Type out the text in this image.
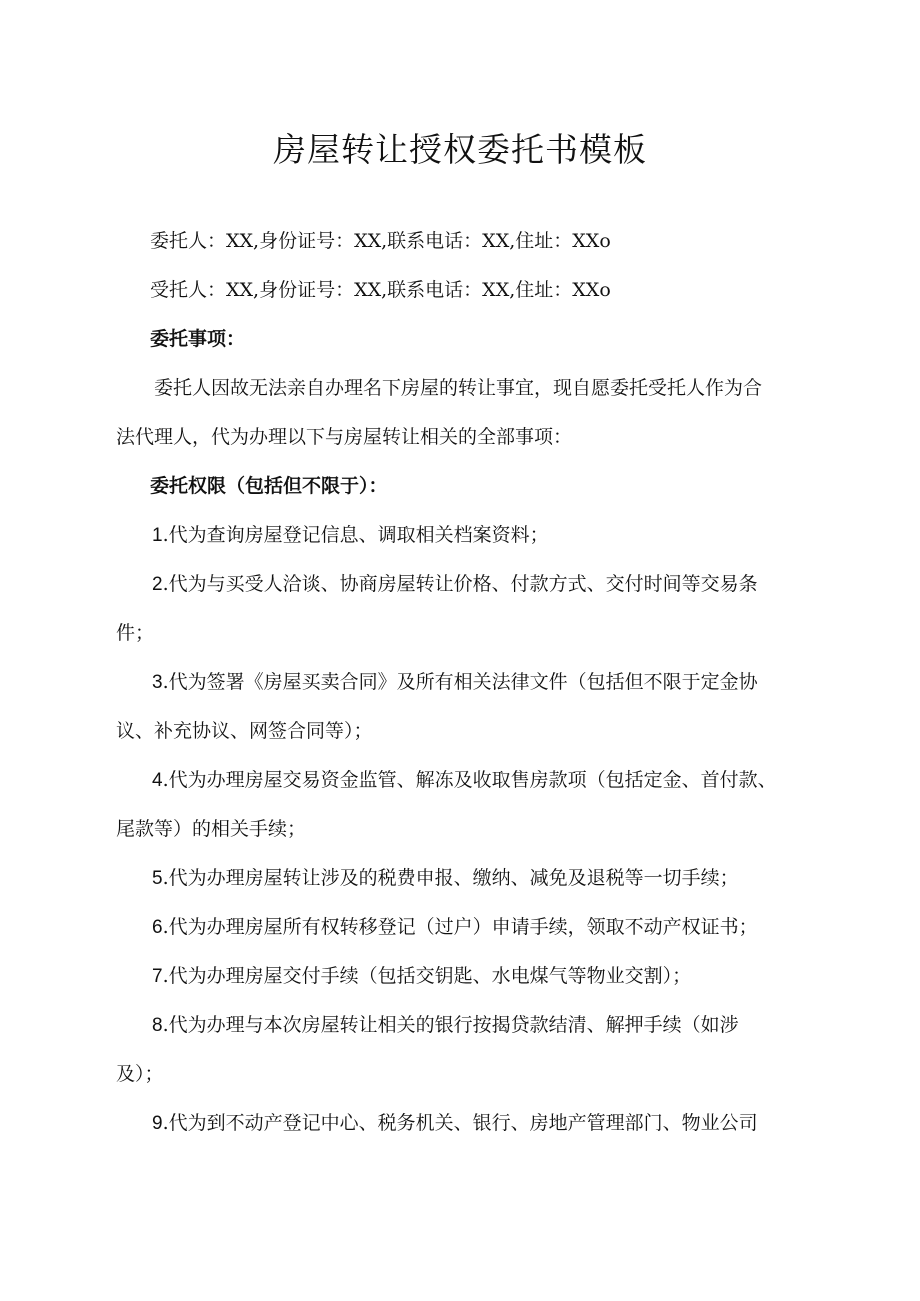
房屋转让授权委托书模板
委托人：XX,身份证号：XX,联系电话：XX,住址：XXo
受托人：XX,身份证号：XX,联系电话：XX,住址：XXo
委托事项：
委托人因故无法亲自办理名下房屋的转让事宜，现自愿委托受托人作为合
法代理人，代为办理以下与房屋转让相关的全部事项：
委托权限（包括但不限于）：
1.代为查询房屋登记信息、调取相关档案资料；
2.代为与买受人洽谈、协商房屋转让价格、付款方式、交付时间等交易条
件；
3.代为签署《房屋买卖合同》及所有相关法律文件（包括但不限于定金协
议、补充协议、网签合同等）；
4.代为办理房屋交易资金监管、解冻及收取售房款项（包括定金、首付款、
尾款等）的相关手续；
5.代为办理房屋转让涉及的税费申报、缴纳、减免及退税等一切手续；
6.代为办理房屋所有权转移登记（过户）申请手续，领取不动产权证书；
7.代为办理房屋交付手续（包括交钥匙、水电煤气等物业交割）；
8.代为办理与本次房屋转让相关的银行按揭贷款结清、解押手续（如涉
及）；
9.代为到不动产登记中心、税务机关、银行、房地产管理部门、物业公司
